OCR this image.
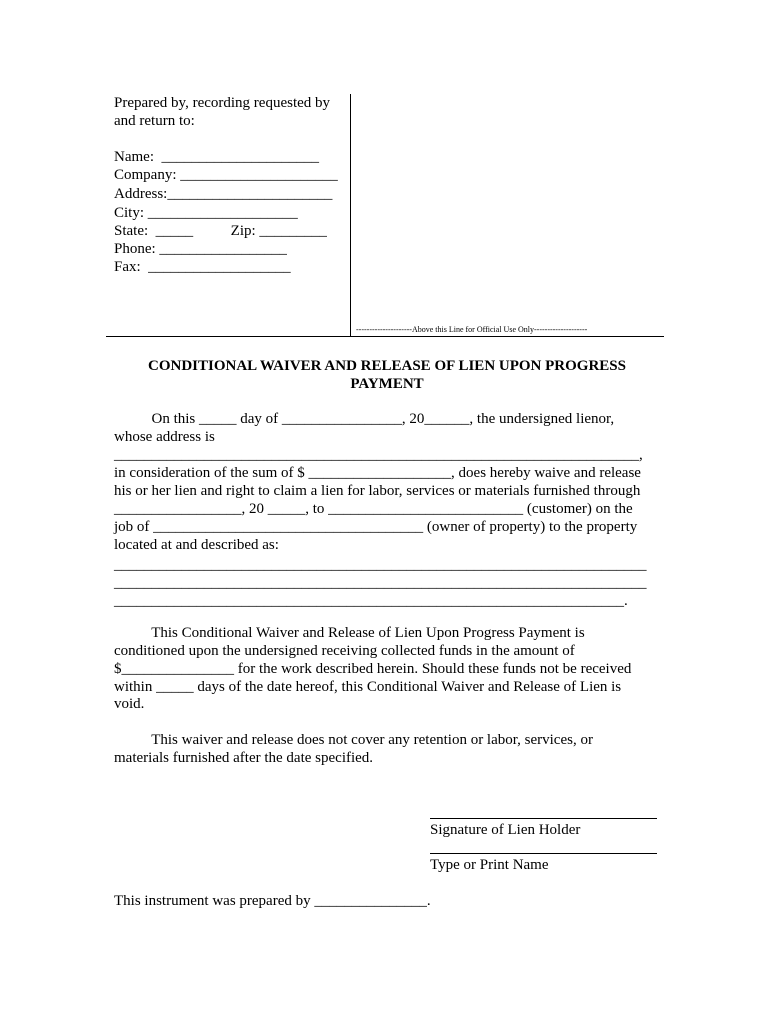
Prepared by, recording requested by
and return to:
Name:  _____________________
Company: _____________________
Address:______________________
City: ____________________
State:  _____          Zip: _________
Phone: _________________
Fax:  ___________________
---------------------Above this Line for Official Use Only--------------------
CONDITIONAL WAIVER AND RELEASE OF LIEN UPON PROGRESS
PAYMENT
On this _____ day of ________________, 20______, the undersigned lienor,
whose address is
______________________________________________________________________,
in consideration of the sum of $ ___________________, does hereby waive and release
his or her lien and right to claim a lien for labor, services or materials furnished through
_________________, 20 _____, to __________________________ (customer) on the
job of ____________________________________ (owner of property) to the property
located at and described as:
_______________________________________________________________________
_______________________________________________________________________
____________________________________________________________________.
This Conditional Waiver and Release of Lien Upon Progress Payment is
conditioned upon the undersigned receiving collected funds in the amount of
$_______________ for the work described herein. Should these funds not be received
within _____ days of the date hereof, this Conditional Waiver and Release of Lien is
void.
This waiver and release does not cover any retention or labor, services, or
materials furnished after the date specified.
Signature of Lien Holder
Type or Print Name
This instrument was prepared by _______________.
